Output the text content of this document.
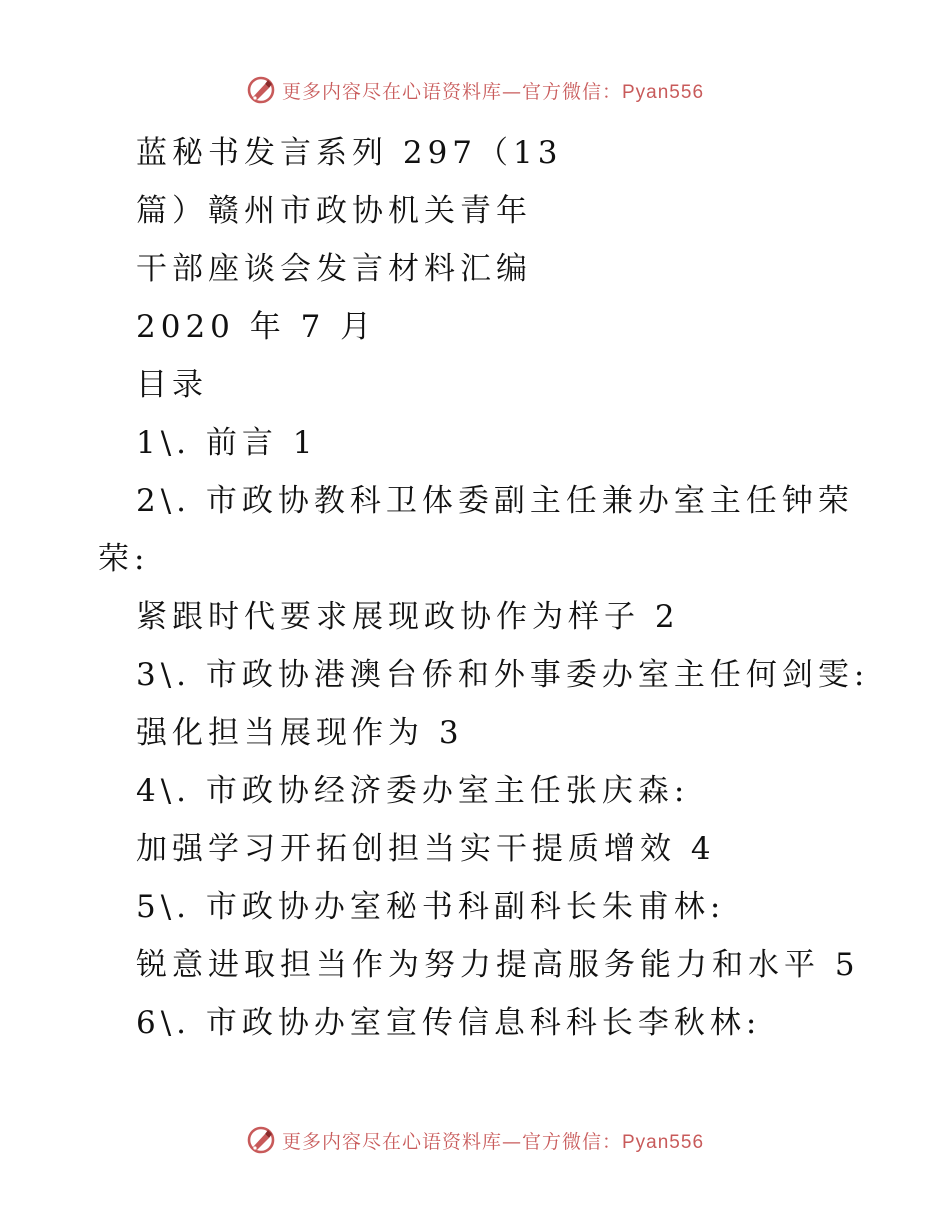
更多内容尽在心语资料库—官方微信：Pyan556
蓝秘书发言系列 297（13
篇）赣州市政协机关青年
干部座谈会发言材料汇编
2020 年 7 月
目录
1\. 前言 1
2\. 市政协教科卫体委副主任兼办室主任钟荣
荣:
紧跟时代要求展现政协作为样子 2
3\. 市政协港澳台侨和外事委办室主任何剑雯:
强化担当展现作为 3
4\. 市政协经济委办室主任张庆森:
加强学习开拓创担当实干提质增效 4
5\. 市政协办室秘书科副科长朱甫林:
锐意进取担当作为努力提高服务能力和水平 5
6\. 市政协办室宣传信息科科长李秋林:
更多内容尽在心语资料库—官方微信：Pyan556
